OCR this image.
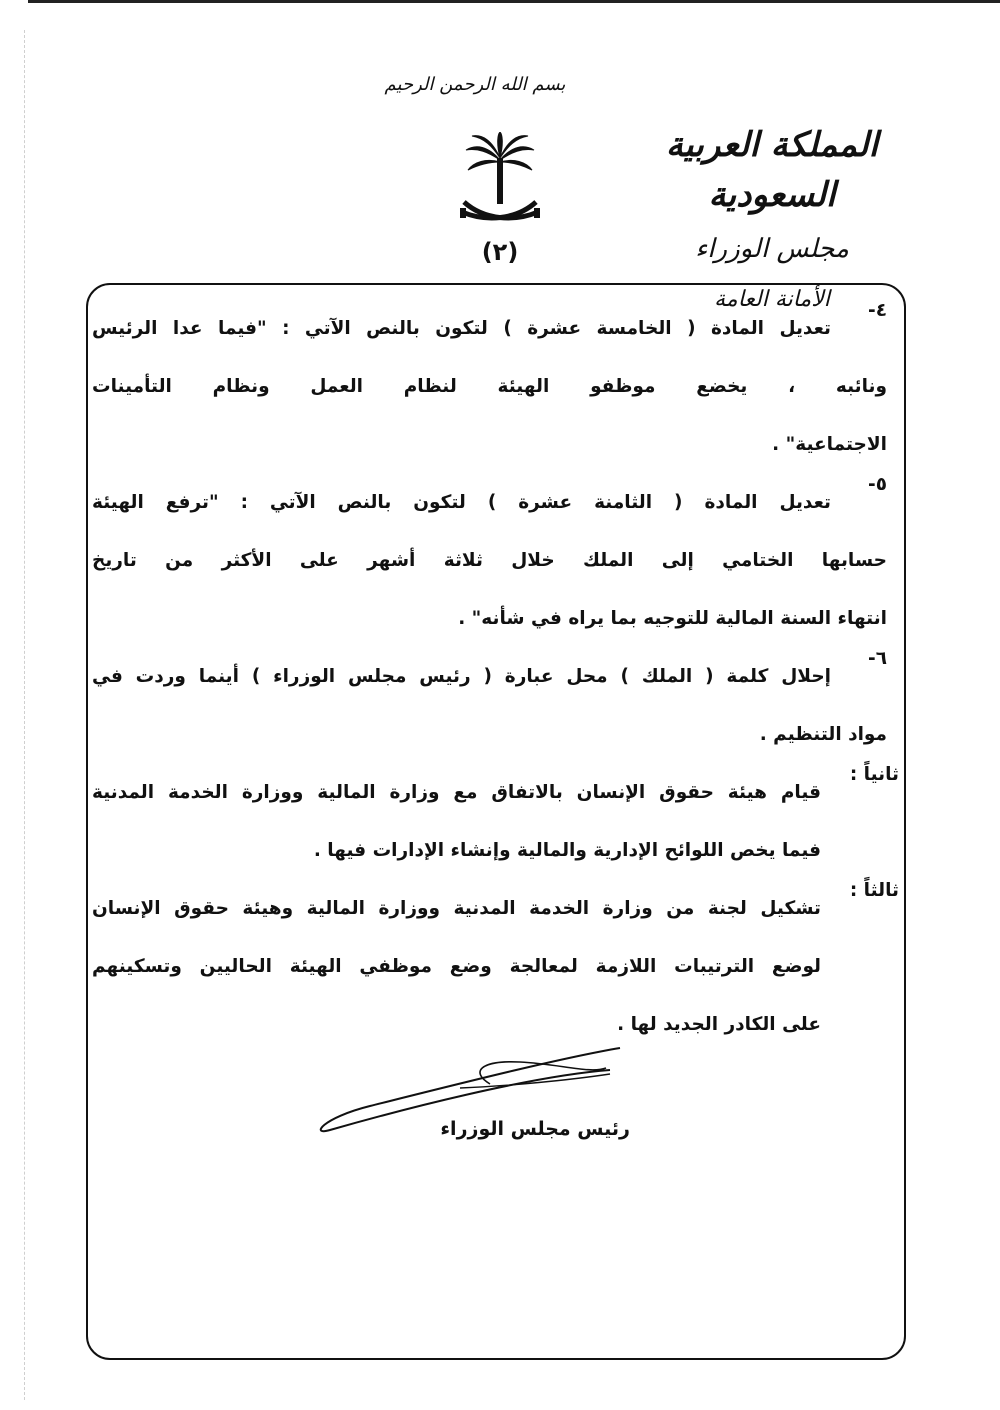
بسم الله الرحمن الرحيم
(٢)
المملكة العربية السعودية
مجلس الوزراء
الأمانة العامة	٤-
تعديل المادة ( الخامسة عشرة ) لتكون بالنص الآتي : "فيما عدا الرئيس
ونائبه ، يخضع موظفو الهيئة لنظام العمل ونظام التأمينات
الاجتماعية" .
٥-
تعديل المادة ( الثامنة عشرة ) لتكون بالنص الآتي : "ترفع الهيئة
حسابها الختامي إلى الملك خلال ثلاثة أشهر على الأكثر من تاريخ
انتهاء السنة المالية للتوجيه بما يراه في شأنه" .
٦-
إحلال كلمة ( الملك ) محل عبارة ( رئيس مجلس الوزراء ) أينما وردت في
مواد التنظيم .
ثانياً :
قيام هيئة حقوق الإنسان بالاتفاق مع وزارة المالية ووزارة الخدمة المدنية
فيما يخص اللوائح الإدارية والمالية وإنشاء الإدارات فيها .
ثالثاً :
تشكيل لجنة من وزارة الخدمة المدنية ووزارة المالية وهيئة حقوق الإنسان
لوضع الترتيبات اللازمة لمعالجة وضع موظفي الهيئة الحاليين وتسكينهم
على الكادر الجديد لها .
رئيس مجلس الوزراء
